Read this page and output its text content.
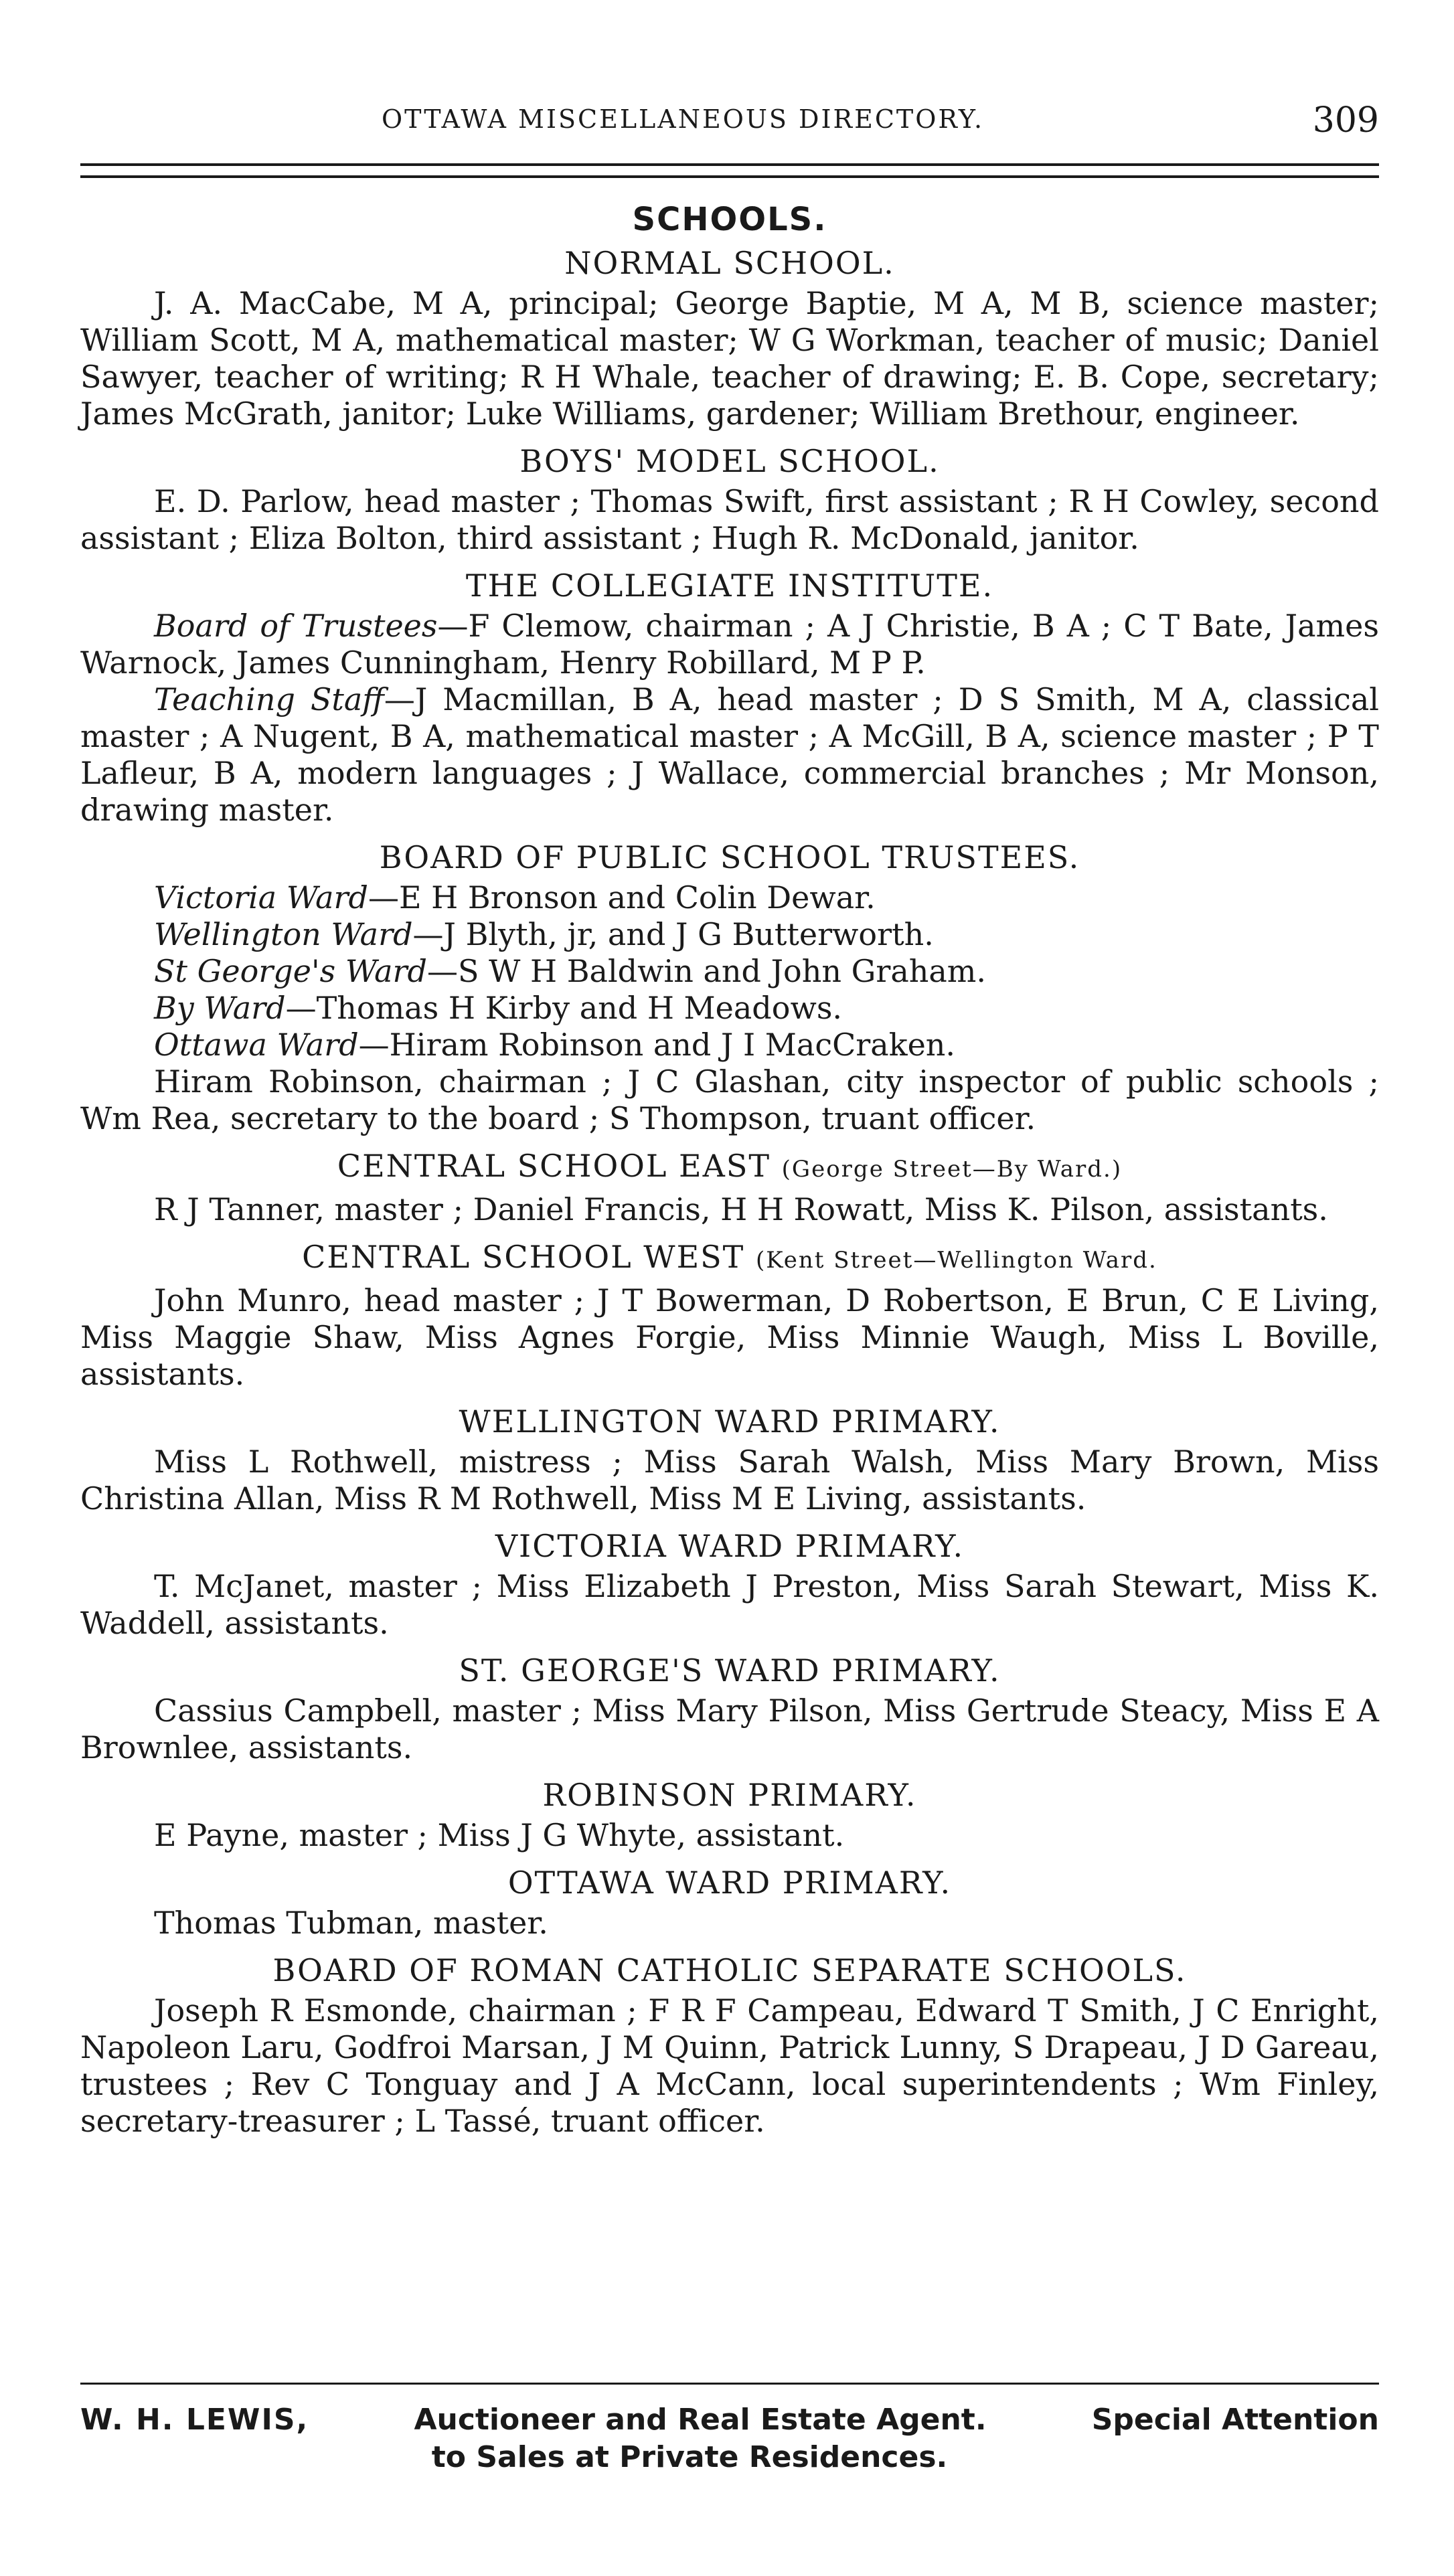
OTTAWA MISCELLANEOUS DIRECTORY.	309
SCHOOLS.
NORMAL SCHOOL.

J. A. MacCabe, M A, principal; George Baptie, M A, M B, science master; William Scott, M A, mathematical master; W G Workman, teacher of music; Daniel Sawyer, teacher of writing; R H Whale, teacher of drawing; E. B. Cope, secretary; James McGrath, janitor; Luke Williams, gardener; William Brethour, engineer.

BOYS' MODEL SCHOOL.

E. D. Parlow, head master ; Thomas Swift, first assistant ; R H Cowley, second assistant ; Eliza Bolton, third assistant ; Hugh R. McDonald, janitor.

THE COLLEGIATE INSTITUTE.

Board of Trustees—F Clemow, chairman ; A J Christie, B A ; C T Bate, James Warnock, James Cunningham, Henry Robillard, M P P.

Teaching Staff—J Macmillan, B A, head master ; D S Smith, M A, classical master ; A Nugent, B A, mathematical master ; A McGill, B A, science master ; P T Lafleur, B A, modern languages ; J Wallace, commercial branches ; Mr Monson, drawing master.

BOARD OF PUBLIC SCHOOL TRUSTEES.

Victoria Ward—E H Bronson and Colin Dewar.

Wellington Ward—J Blyth, jr, and J G Butterworth.

St George's Ward—S W H Baldwin and John Graham.

By Ward—Thomas H Kirby and H Meadows.

Ottawa Ward—Hiram Robinson and J I MacCraken.

Hiram Robinson, chairman ; J C Glashan, city inspector of public schools ; Wm Rea, secretary to the board ; S Thompson, truant officer.

CENTRAL SCHOOL EAST (George Street—By Ward.)

R J Tanner, master ; Daniel Francis, H H Rowatt, Miss K. Pilson, assistants.

CENTRAL SCHOOL WEST (Kent Street—Wellington Ward.

John Munro, head master ; J T Bowerman, D Robertson, E Brun, C E Living, Miss Maggie Shaw, Miss Agnes Forgie, Miss Minnie Waugh, Miss L Boville, assistants.

WELLINGTON WARD PRIMARY.

Miss L Rothwell, mistress ; Miss Sarah Walsh, Miss Mary Brown, Miss Christina Allan, Miss R M Rothwell, Miss M E Living, assistants.

VICTORIA WARD PRIMARY.

T. McJanet, master ; Miss Elizabeth J Preston, Miss Sarah Stewart, Miss K. Waddell, assistants.

ST. GEORGE'S WARD PRIMARY.

Cassius Campbell, master ; Miss Mary Pilson, Miss Gertrude Steacy, Miss E A Brownlee, assistants.

ROBINSON PRIMARY.

E Payne, master ; Miss J G Whyte, assistant.

OTTAWA WARD PRIMARY.

Thomas Tubman, master.

BOARD OF ROMAN CATHOLIC SEPARATE SCHOOLS.

Joseph R Esmonde, chairman ; F R F Campeau, Edward T Smith, J C Enright, Napoleon Laru, Godfroi Marsan, J M Quinn, Patrick Lunny, S Drapeau, J D Gareau, trustees ; Rev C Tonguay and J A McCann, local superintendents ; Wm Finley, secretary-treasurer ; L Tassé, truant officer.

W. H. LEWIS,	Auctioneer and Real Estate Agent.	Special Attention
to Sales at Private Residences.
